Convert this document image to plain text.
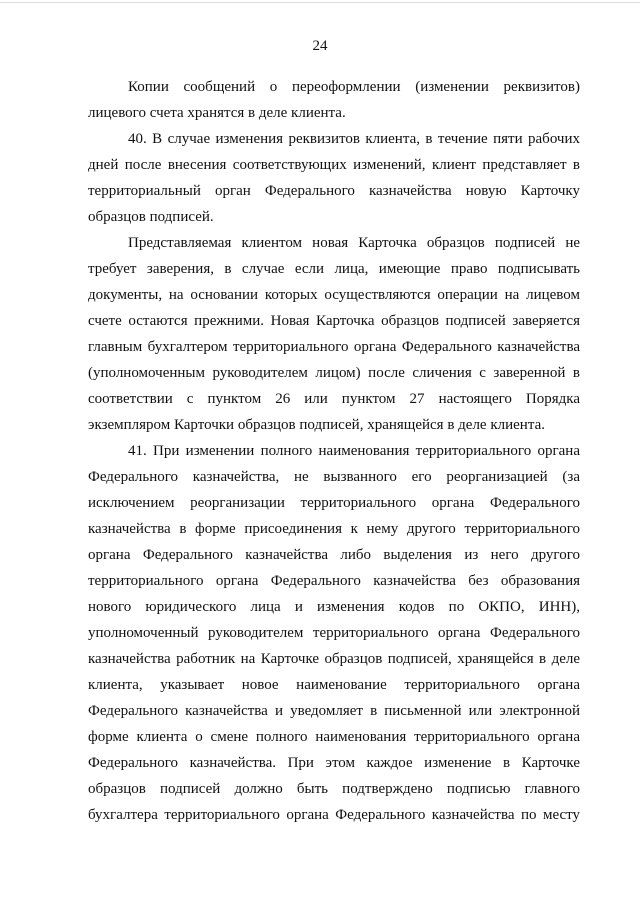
24
Копии сообщений о переоформлении (изменении реквизитов)
лицевого счета хранятся в деле клиента.
40. В случае изменения реквизитов клиента, в течение пяти рабочих
дней после внесения соответствующих изменений, клиент представляет в
территориальный орган Федерального казначейства новую Карточку
образцов подписей.
Представляемая клиентом новая Карточка образцов подписей не
требует заверения, в случае если лица, имеющие право подписывать
документы, на основании которых осуществляются операции на лицевом
счете остаются прежними. Новая Карточка образцов подписей заверяется
главным бухгалтером территориального органа Федерального казначейства
(уполномоченным руководителем лицом) после сличения с заверенной в
соответствии с пунктом 26 или пунктом 27 настоящего Порядка
экземпляром Карточки образцов подписей, хранящейся в деле клиента.
41. При изменении полного наименования территориального органа
Федерального казначейства, не вызванного его реорганизацией (за
исключением реорганизации территориального органа Федерального
казначейства в форме присоединения к нему другого территориального
органа Федерального казначейства либо выделения из него другого
территориального органа Федерального казначейства без образования
нового юридического лица и изменения кодов по ОКПО, ИНН),
уполномоченный руководителем территориального органа Федерального
казначейства работник на Карточке образцов подписей, хранящейся в деле
клиента, указывает новое наименование территориального органа
Федерального казначейства и уведомляет в письменной или электронной
форме клиента о смене полного наименования территориального органа
Федерального казначейства. При этом каждое изменение в Карточке
образцов подписей должно быть подтверждено подписью главного
бухгалтера территориального органа Федерального казначейства по месту
